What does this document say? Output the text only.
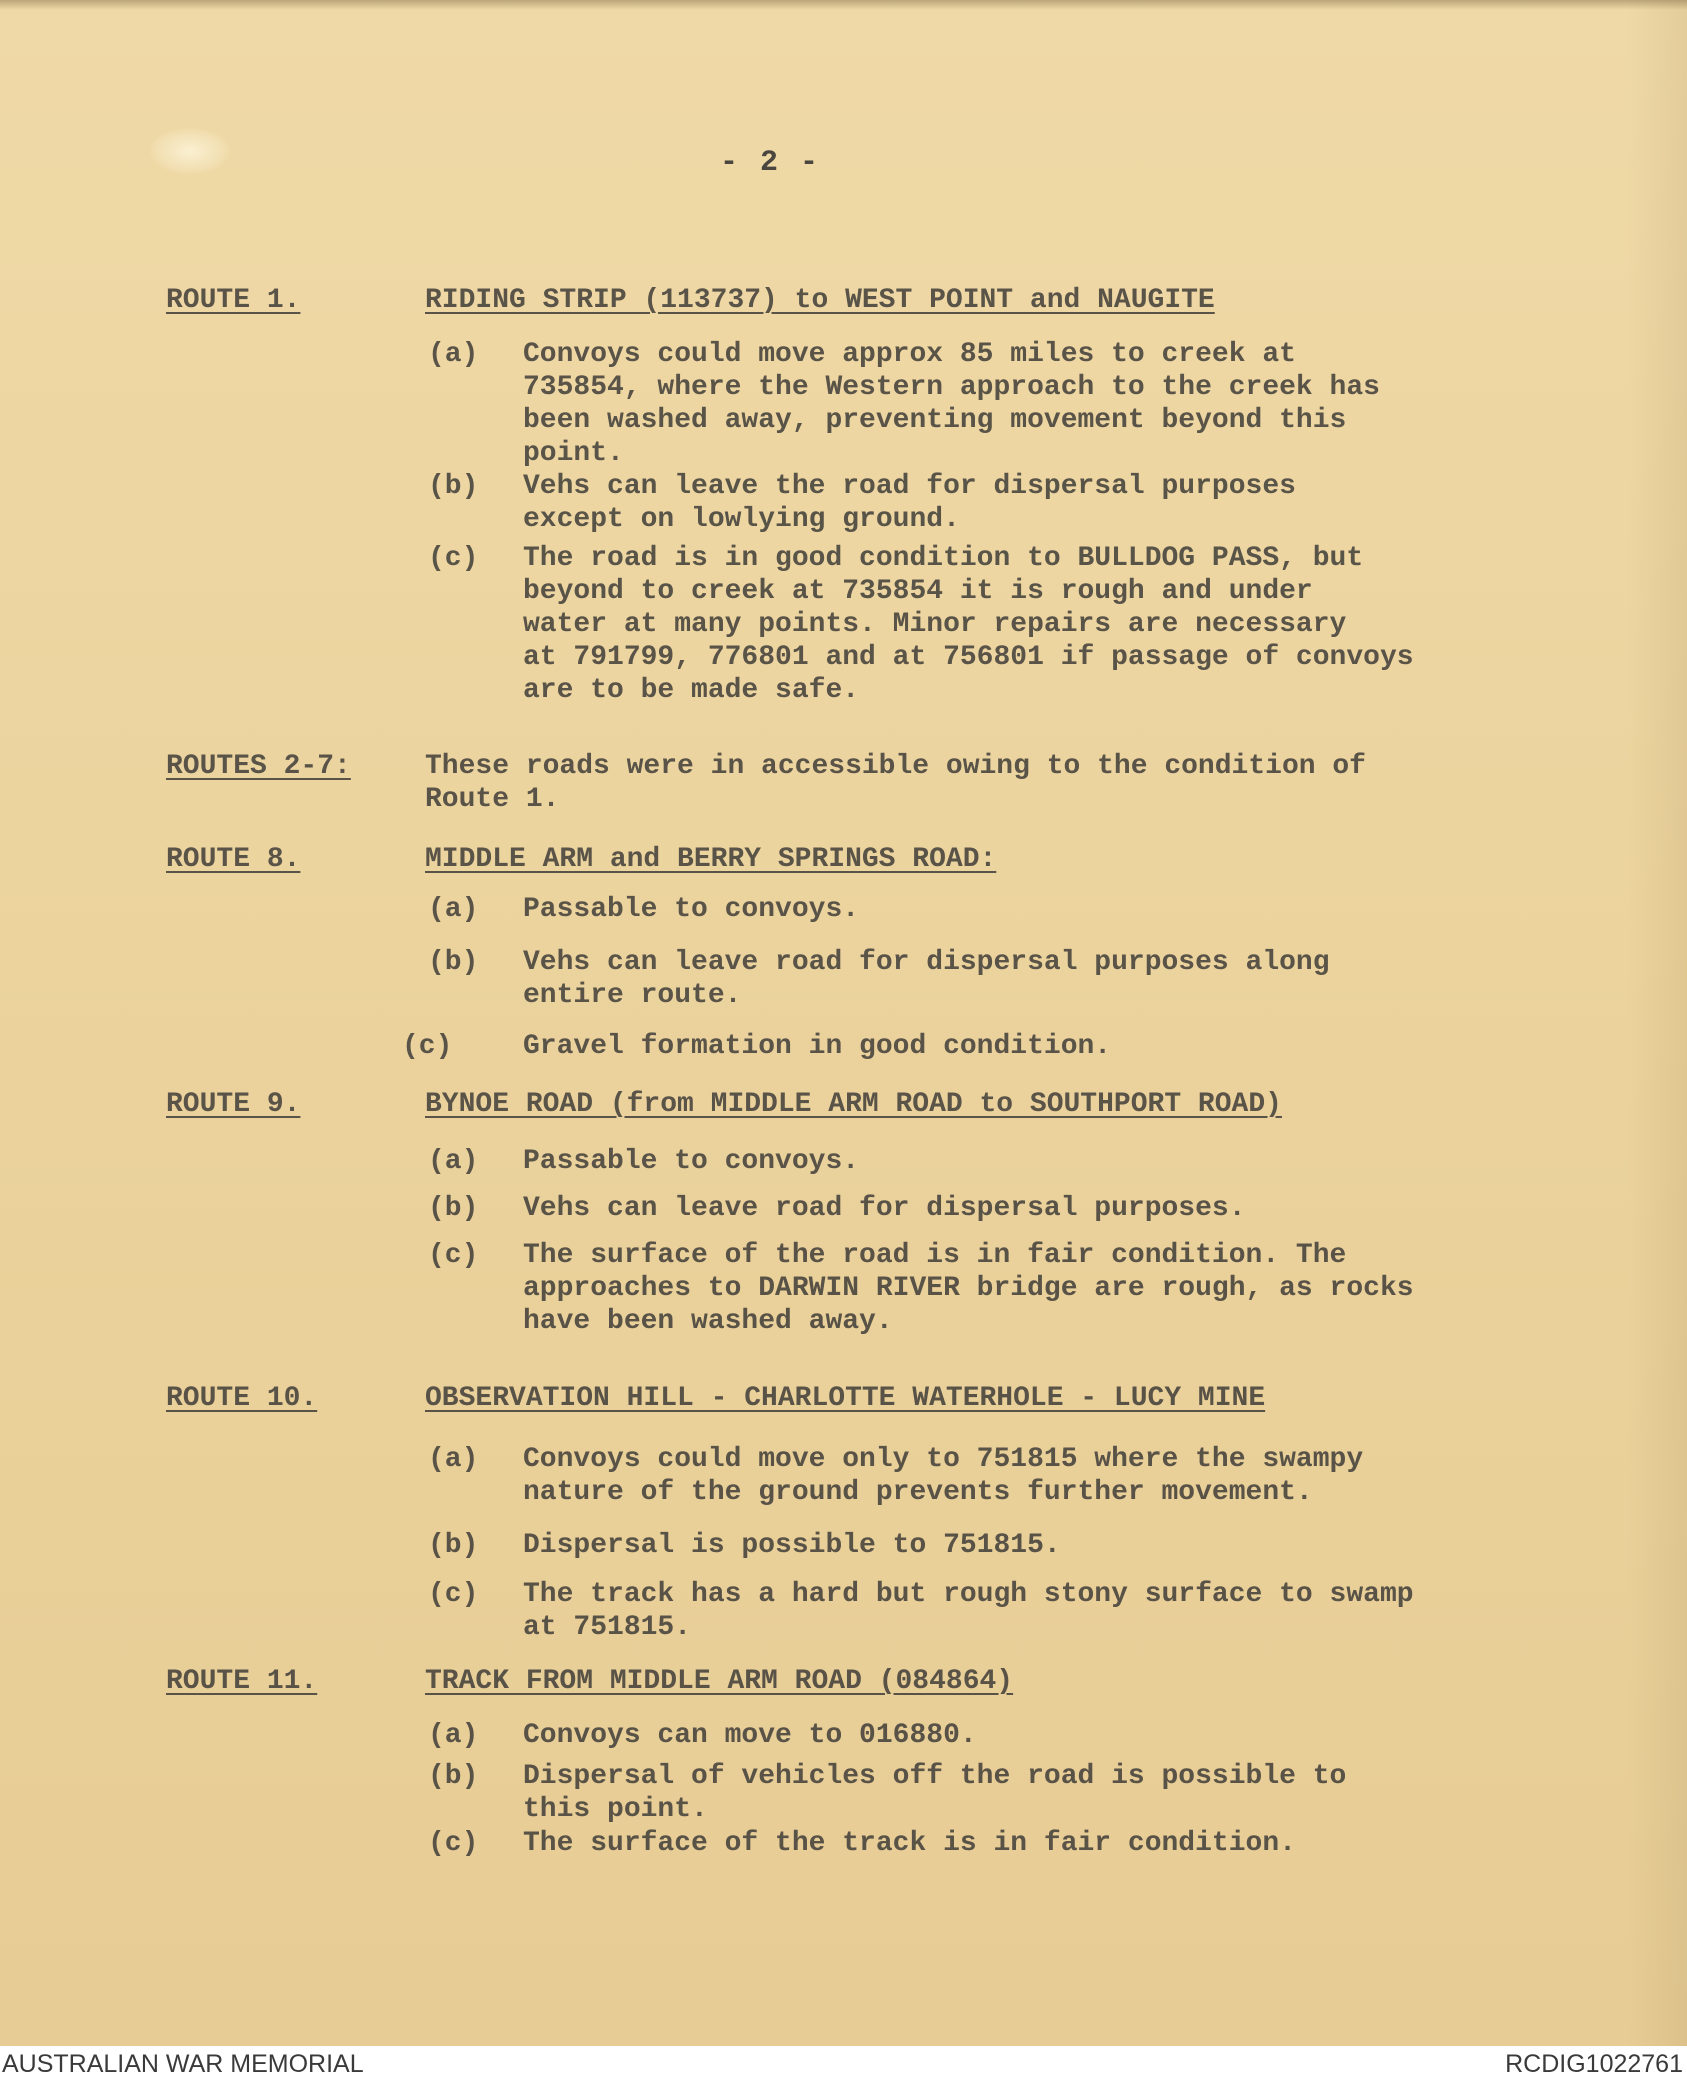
- 2 -
ROUTE 1.	RIDING STRIP (113737) to WEST POINT and NAUGITE
(a) Convoys could move approx 85 miles to creek at
735854, where the Western approach to the creek has
been washed away, preventing movement beyond this
point.
(b) Vehs can leave the road for dispersal purposes
except on lowlying ground.
(c) The road is in good condition to BULLDOG PASS, but
beyond to creek at 735854 it is rough and under
water at many points. Minor repairs are necessary
at 791799, 776801 and at 756801 if passage of convoys
are to be made safe.
ROUTES 2-7:	These roads were in accessible owing to the condition of
Route 1.
ROUTE 8.	MIDDLE ARM and BERRY SPRINGS ROAD:
(a) Passable to convoys.
(b) Vehs can leave road for dispersal purposes along
entire route.
(c)	Gravel formation in good condition.
ROUTE 9.	BYNOE ROAD (from MIDDLE ARM ROAD to SOUTHPORT ROAD)
(a) Passable to convoys.
(b) Vehs can leave road for dispersal purposes.
(c) The surface of the road is in fair condition. The
approaches to DARWIN RIVER bridge are rough, as rocks
have been washed away.
ROUTE 10.	OBSERVATION HILL - CHARLOTTE WATERHOLE - LUCY MINE
(a) Convoys could move only to 751815 where the swampy
nature of the ground prevents further movement.
(b) Dispersal is possible to 751815.
(c) The track has a hard but rough stony surface to swamp
at 751815.
ROUTE 11.	TRACK FROM MIDDLE ARM ROAD (084864)
(a) Convoys can move to 016880.
(b) Dispersal of vehicles off the road is possible to
this point.
(c) The surface of the track is in fair condition.
AUSTRALIAN WAR MEMORIAL	RCDIG1022761
